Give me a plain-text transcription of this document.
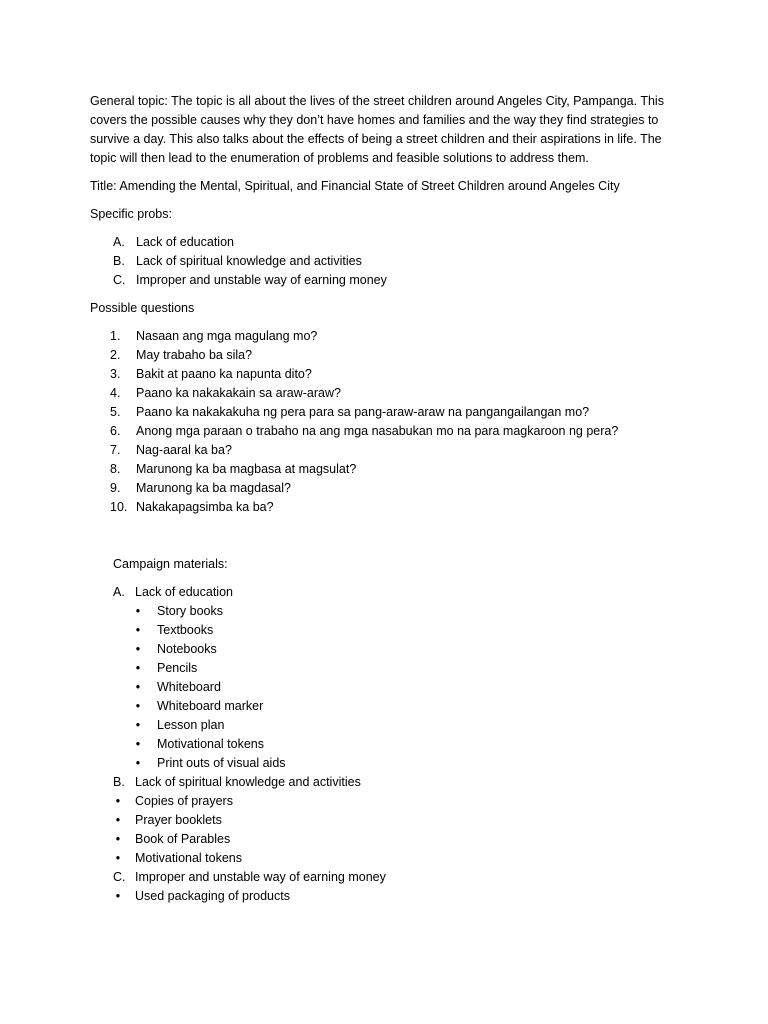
General topic: The topic is all about the lives of the street children around Angeles City, Pampanga. This covers the possible causes why they don’t have homes and families and the way they find strategies to survive a day. This also talks about the effects of being a street children and their aspirations in life. The topic will then lead to the enumeration of problems and feasible solutions to address them.

Title: Amending the Mental, Spiritual, and Financial State of Street Children around Angeles City

Specific probs:

A. Lack of education
B. Lack of spiritual knowledge and activities
C. Improper and unstable way of earning money

Possible questions

1.	Nasaan ang mga magulang mo?
2.	May trabaho ba sila?
3.	Bakit at paano ka napunta dito?
4.	Paano ka nakakakain sa araw-araw?
5.	Paano ka nakakakuha ng pera para sa pang-araw-araw na pangangailangan mo?
6.	Anong mga paraan o trabaho na ang mga nasabukan mo na para magkaroon ng pera?
7.	Nag-aaral ka ba?
8.	Marunong ka ba magbasa at magsulat?
9.	Marunong ka ba magdasal?
10. Nakakapagsimba ka ba?

Campaign materials:

A. Lack of education
• Story books
• Textbooks
• Notebooks
• Pencils
• Whiteboard
• Whiteboard marker
• Lesson plan
• Motivational tokens
• Print outs of visual aids
B. Lack of spiritual knowledge and activities
• Copies of prayers
• Prayer booklets
• Book of Parables
• Motivational tokens
C. Improper and unstable way of earning money
• Used packaging of products
